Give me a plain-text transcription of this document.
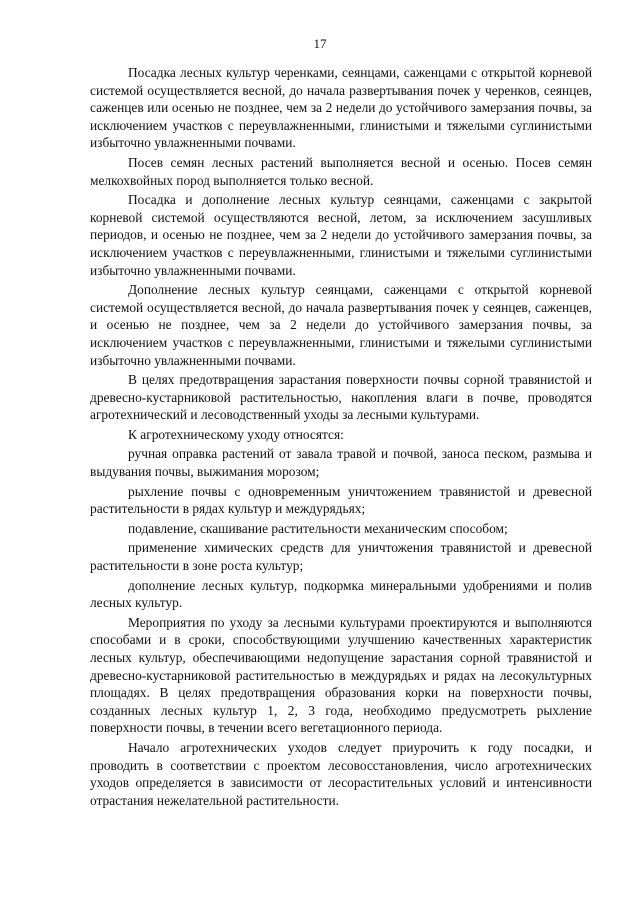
17

Посадка лесных культур черенками, сеянцами, саженцами с открытой корневой системой осуществляется весной, до начала развертывания почек у черенков, сеянцев, саженцев или осенью не позднее, чем за 2 недели до устойчивого замерзания почвы, за исключением участков с переувлажненными, глинистыми и тяжелыми суглинистыми избыточно увлажненными почвами.

Посев семян лесных растений выполняется весной и осенью. Посев семян мелкохвойных пород выполняется только весной.

Посадка и дополнение лесных культур сеянцами, саженцами с закрытой корневой системой осуществляются весной, летом, за исключением засушливых периодов, и осенью не позднее, чем за 2 недели до устойчивого замерзания почвы, за исключением участков с переувлажненными, глинистыми и тяжелыми суглинистыми избыточно увлажненными почвами.

Дополнение лесных культур сеянцами, саженцами с открытой корневой системой осуществляется весной, до начала развертывания почек у сеянцев, саженцев, и осенью не позднее, чем за 2 недели до устойчивого замерзания почвы, за исключением участков с переувлажненными, глинистыми и тяжелыми суглинистыми избыточно увлажненными почвами.

В целях предотвращения зарастания поверхности почвы сорной травянистой и древесно-кустарниковой растительностью, накопления влаги в почве, проводятся агротехнический и лесоводственный уходы за лесными культурами.

К агротехническому уходу относятся:

ручная оправка растений от завала травой и почвой, заноса песком, размыва и выдувания почвы, выжимания морозом;

рыхление почвы с одновременным уничтожением травянистой и древесной растительности в рядах культур и междурядьях;

подавление, скашивание растительности механическим способом;

применение химических средств для уничтожения травянистой и древесной растительности в зоне роста культур;

дополнение лесных культур, подкормка минеральными удобрениями и полив лесных культур.

Мероприятия по уходу за лесными культурами проектируются и выполняются способами и в сроки, способствующими улучшению качественных характеристик лесных культур, обеспечивающими недопущение зарастания сорной травянистой и древесно-кустарниковой растительностью в междурядьях и рядах на лесокультурных площадях. В целях предотвращения образования корки на поверхности почвы, созданных лесных культур 1, 2, 3 года, необходимо предусмотреть рыхление поверхности почвы, в течении всего вегетационного периода.

Начало агротехнических уходов следует приурочить к году посадки, и проводить в соответствии с проектом лесовосстановления, число агротехнических уходов определяется в зависимости от лесорастительных условий и интенсивности отрастания нежелательной растительности.
